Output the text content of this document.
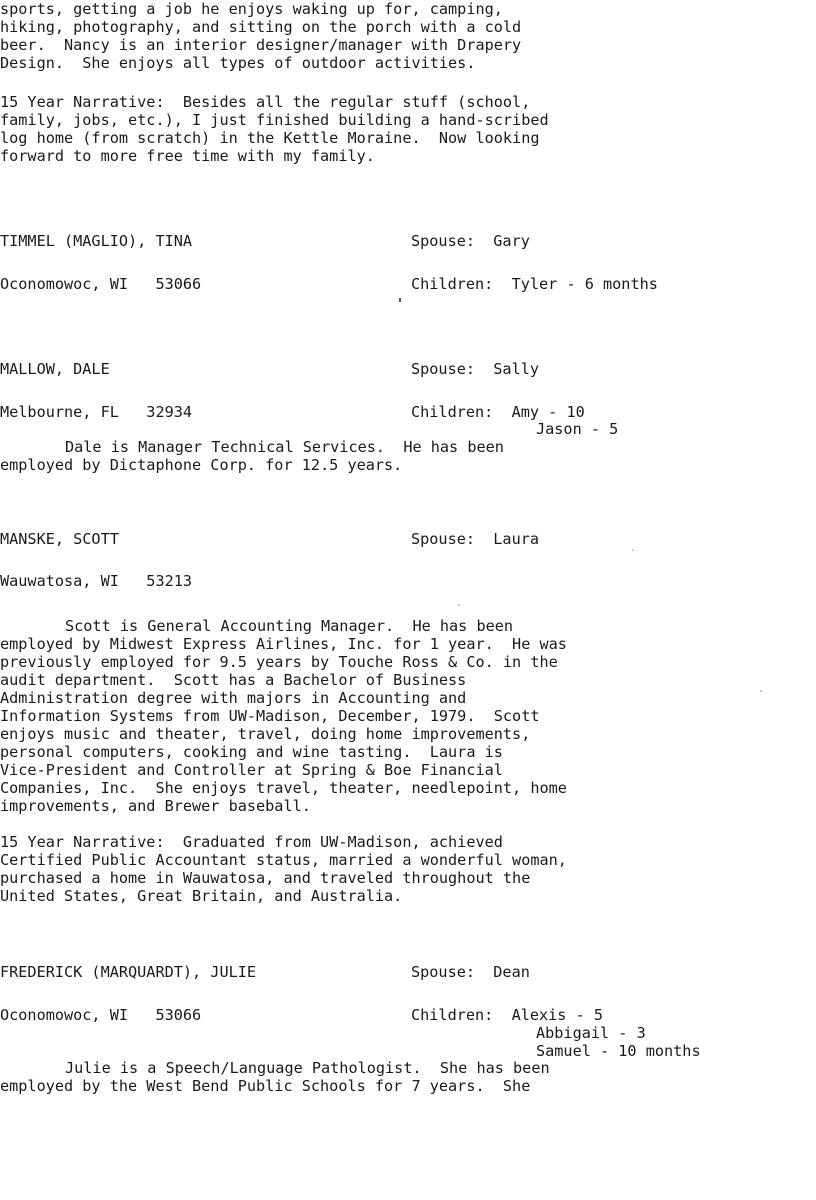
sports, getting a job he enjoys waking up for, camping,
hiking, photography, and sitting on the porch with a cold
beer.  Nancy is an interior designer/manager with Drapery
Design.  She enjoys all types of outdoor activities.
15 Year Narrative:  Besides all the regular stuff (school,
family, jobs, etc.), I just finished building a hand-scribed
log home (from scratch) in the Kettle Moraine.  Now looking
forward to more free time with my family.
TIMMEL (MAGLIO), TINA	Spouse:  Gary
Oconomowoc, WI   53066	Children:  Tyler - 6 months
MALLOW, DALE	Spouse:  Sally
Melbourne, FL   32934	Children:  Amy - 10
Jason - 5
Dale is Manager Technical Services.  He has been
employed by Dictaphone Corp. for 12.5 years.
MANSKE, SCOTT	Spouse:  Laura
Wauwatosa, WI   53213
Scott is General Accounting Manager.  He has been
employed by Midwest Express Airlines, Inc. for 1 year.  He was
previously employed for 9.5 years by Touche Ross & Co. in the
audit department.  Scott has a Bachelor of Business
Administration degree with majors in Accounting and
Information Systems from UW-Madison, December, 1979.  Scott
enjoys music and theater, travel, doing home improvements,
personal computers, cooking and wine tasting.  Laura is
Vice-President and Controller at Spring & Boe Financial
Companies, Inc.  She enjoys travel, theater, needlepoint, home
improvements, and Brewer baseball.
15 Year Narrative:  Graduated from UW-Madison, achieved
Certified Public Accountant status, married a wonderful woman,
purchased a home in Wauwatosa, and traveled throughout the
United States, Great Britain, and Australia.
FREDERICK (MARQUARDT), JULIE	Spouse:  Dean
Oconomowoc, WI   53066	Children:  Alexis - 5
Abbigail - 3
Samuel - 10 months
Julie is a Speech/Language Pathologist.  She has been
employed by the West Bend Public Schools for 7 years.  She
